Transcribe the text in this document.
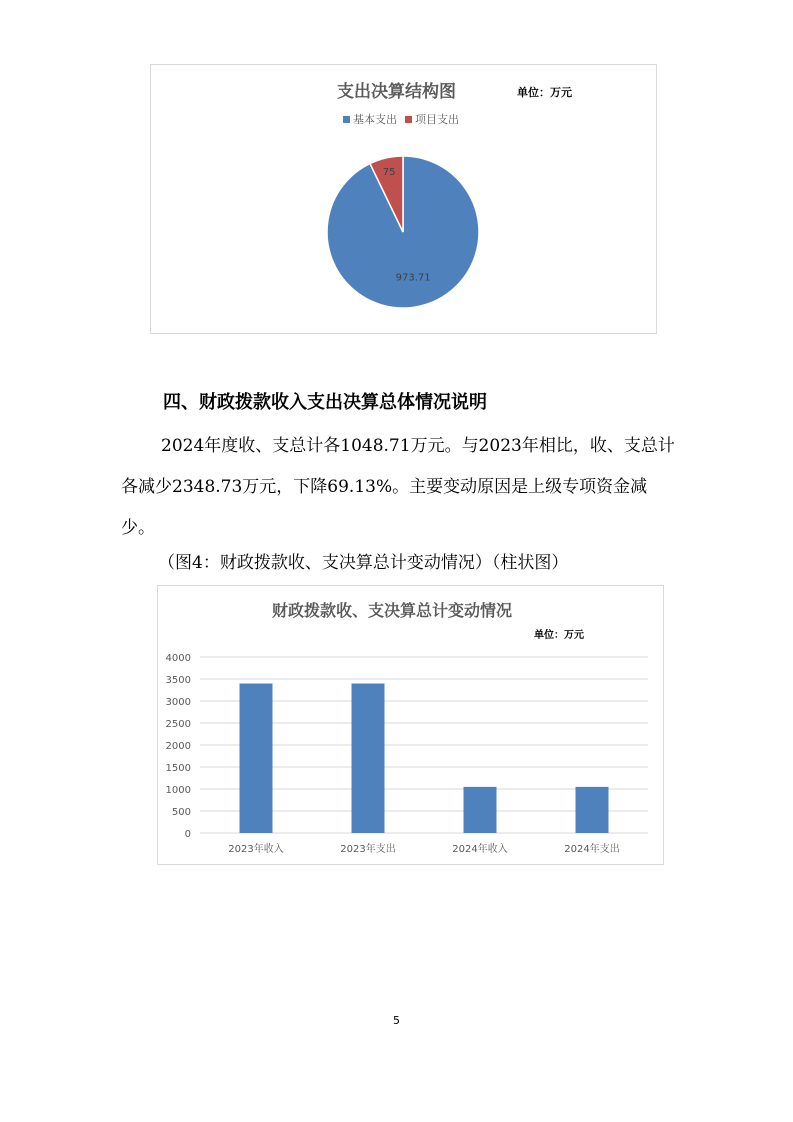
支出决算结构图	单位：万元
基本支出 项目支出
973.71
75
四、财政拨款收入支出决算总体情况说明
2024年度收、支总计各1048.71万元。与2023年相比，收、支总计各减少2348.73万元，下降69.13%。主要变动原因是上级专项资金减少。
（图4：财政拨款收、支决算总计变动情况）（柱状图）
财政拨款收、支决算总计变动情况
单位：万元
0
500
1000
1500
2000
2500
3000
3500
4000
2023年收入	2023年支出	2024年收入	2024年支出
5
